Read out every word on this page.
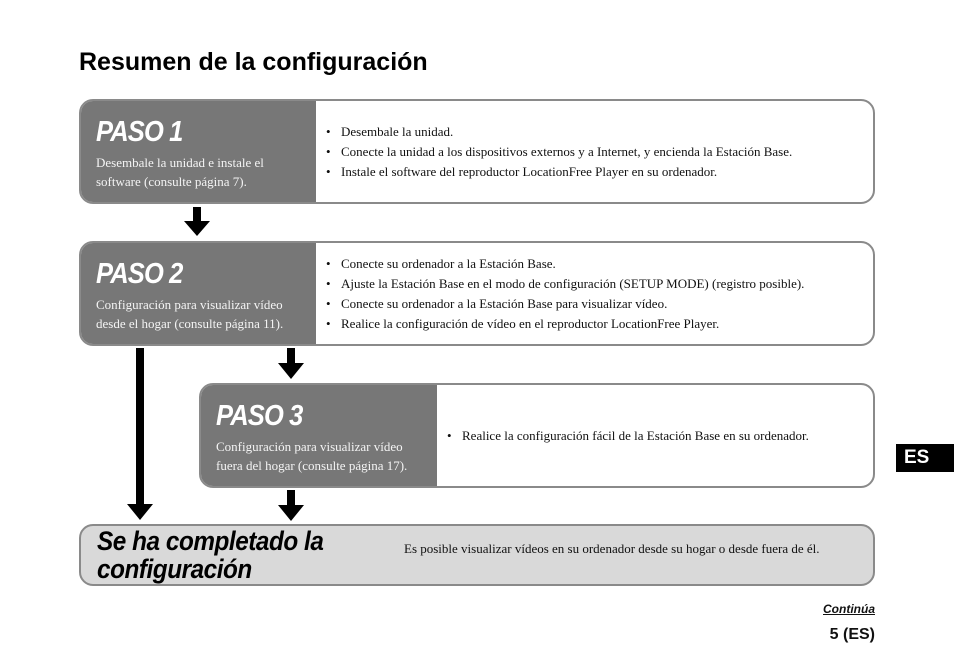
Resumen de la configuración
PASO 1
Desembale la unidad e instale el software (consulte página 7).
• Desembale la unidad.
• Conecte la unidad a los dispositivos externos y a Internet, y encienda la Estación Base.
• Instale el software del reproductor LocationFree Player en su ordenador.
PASO 2
Configuración para visualizar vídeo desde el hogar (consulte página 11).
• Conecte su ordenador a la Estación Base.
• Ajuste la Estación Base en el modo de configuración (SETUP MODE) (registro posible).
• Conecte su ordenador a la Estación Base para visualizar vídeo.
• Realice la configuración de vídeo en el reproductor LocationFree Player.
PASO 3
Configuración para visualizar vídeo fuera del hogar (consulte página 17).
• Realice la configuración fácil de la Estación Base en su ordenador.
Se ha completado la configuración
Es posible visualizar vídeos en su ordenador desde su hogar o desde fuera de él.
ES
Continúa
5 (ES)
